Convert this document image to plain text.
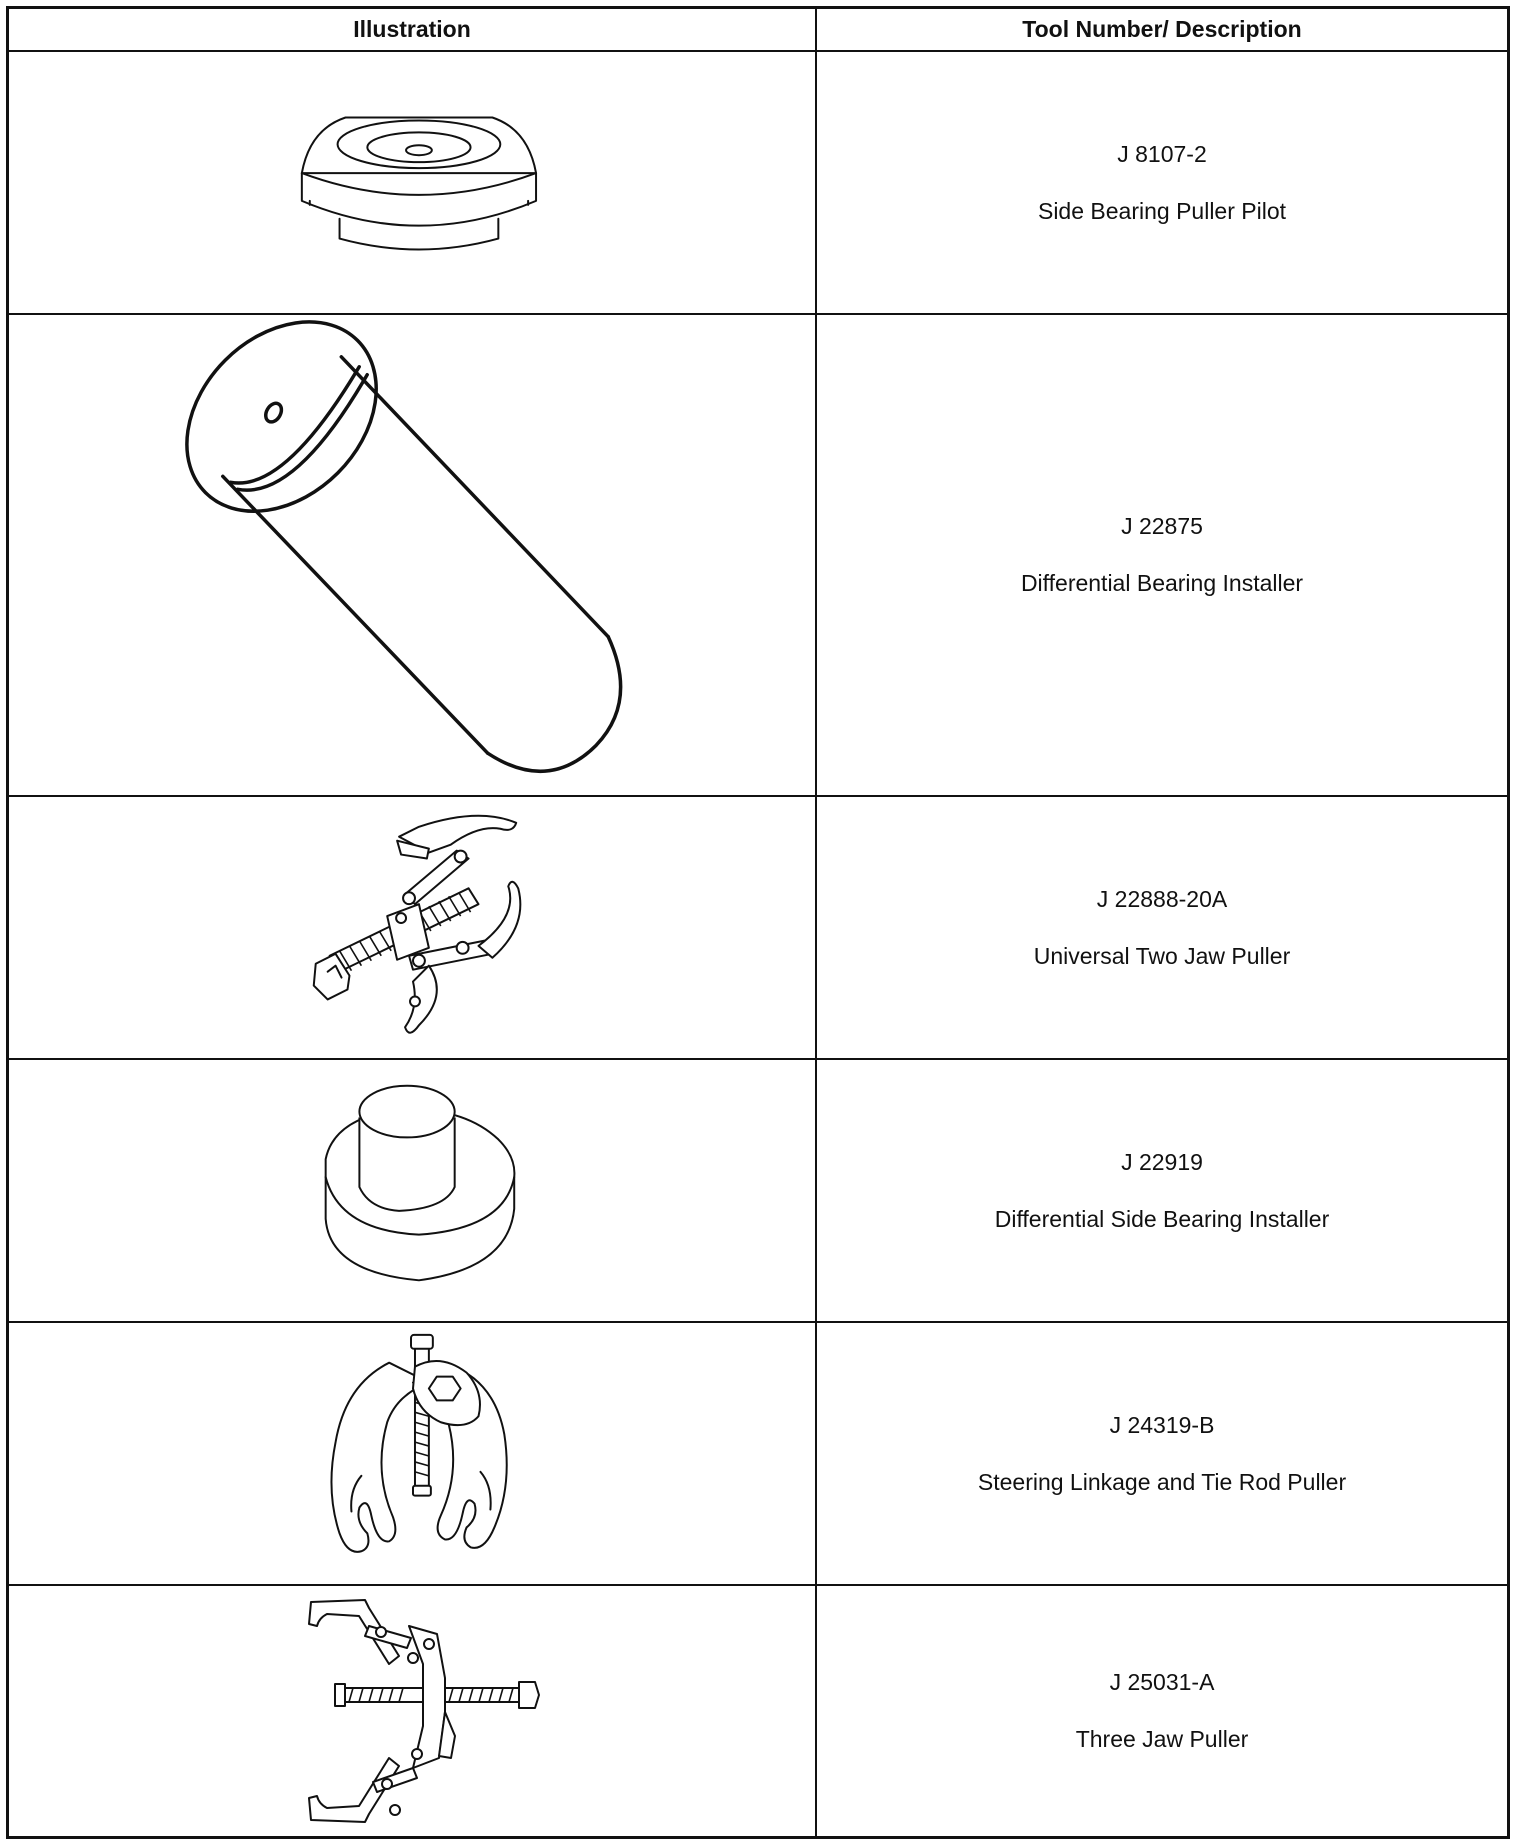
Illustration	Tool Number/ Description
J 8107-2
Side Bearing Puller Pilot
J 22875
Differential Bearing Installer
J 22888-20A
Universal Two Jaw Puller
J 22919
Differential Side Bearing Installer
J 24319-B
Steering Linkage and Tie Rod Puller
J 25031-A
Three Jaw Puller
